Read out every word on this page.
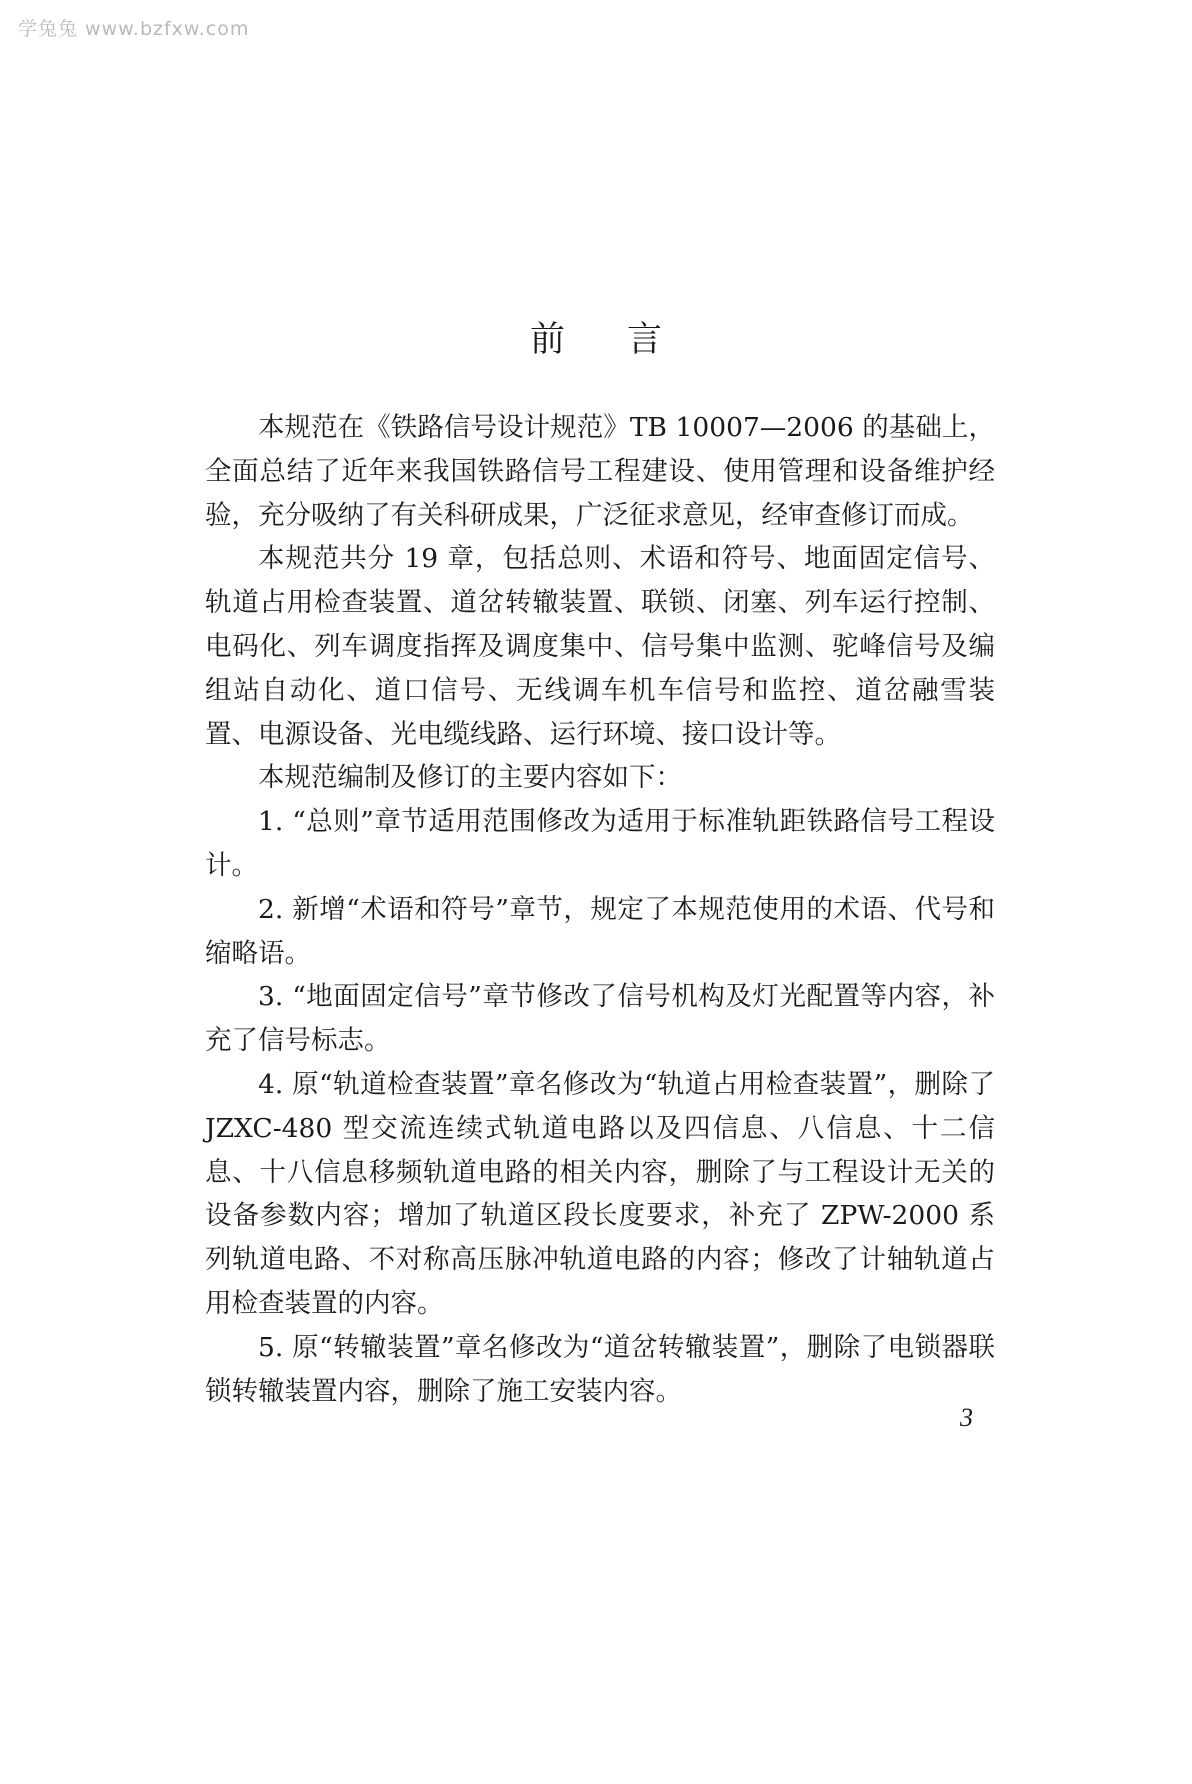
学兔兔 www.bzfxw.com
前言

本规范在《铁路信号设计规范》TB 10007—2006 的基础上，全面总结了近年来我国铁路信号工程建设、使用管理和设备维护经验，充分吸纳了有关科研成果，广泛征求意见，经审查修订而成。

本规范共分 19 章，包括总则、术语和符号、地面固定信号、轨道占用检查装置、道岔转辙装置、联锁、闭塞、列车运行控制、电码化、列车调度指挥及调度集中、信号集中监测、驼峰信号及编组站自动化、道口信号、无线调车机车信号和监控、道岔融雪装置、电源设备、光电缆线路、运行环境、接口设计等。

本规范编制及修订的主要内容如下：

1. “总则”章节适用范围修改为适用于标准轨距铁路信号工程设计。

2. 新增“术语和符号”章节，规定了本规范使用的术语、代号和缩略语。

3. “地面固定信号”章节修改了信号机构及灯光配置等内容，补充了信号标志。

4. 原“轨道检查装置”章名修改为“轨道占用检查装置”，删除了 JZXC-480 型交流连续式轨道电路以及四信息、八信息、十二信息、十八信息移频轨道电路的相关内容，删除了与工程设计无关的设备参数内容；增加了轨道区段长度要求，补充了 ZPW-2000 系列轨道电路、不对称高压脉冲轨道电路的内容；修改了计轴轨道占用检查装置的内容。

5. 原“转辙装置”章名修改为“道岔转辙装置”，删除了电锁器联锁转辙装置内容，删除了施工安装内容。

3
